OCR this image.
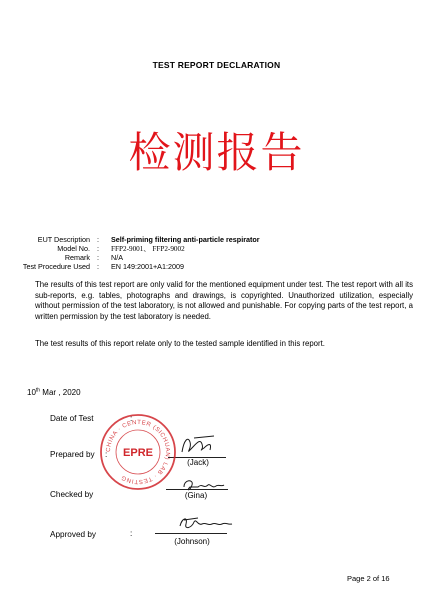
TEST REPORT DECLARATION
检测报告
EUT Description : Self-priming filtering anti-particle respirator
Model No. : FFP2-9001、 FFP2-9002
Remark : N/A
Test Procedure Used : EN 149:2001+A1:2009
The results of this test report are only valid for the mentioned equipment under test. The test report with all its sub-reports, e.g. tables, photographs and drawings, is copyrighted. Unauthorized utilization, especially without permission of the test laboratory, is not allowed and punishable. For copying parts of the test report, a written permission by the test laboratory is needed.
The test results of this report relate only to the tested sample identified in this report.
10th Mar , 2020
Date of Test	:
Prepared by :
(Jack)
Checked by	(Gina)
Approved by	:
(Johnson)
CHINA · CENTER (SICHUAN) LAB · TESTING
EPRE
Page 2 of 16
